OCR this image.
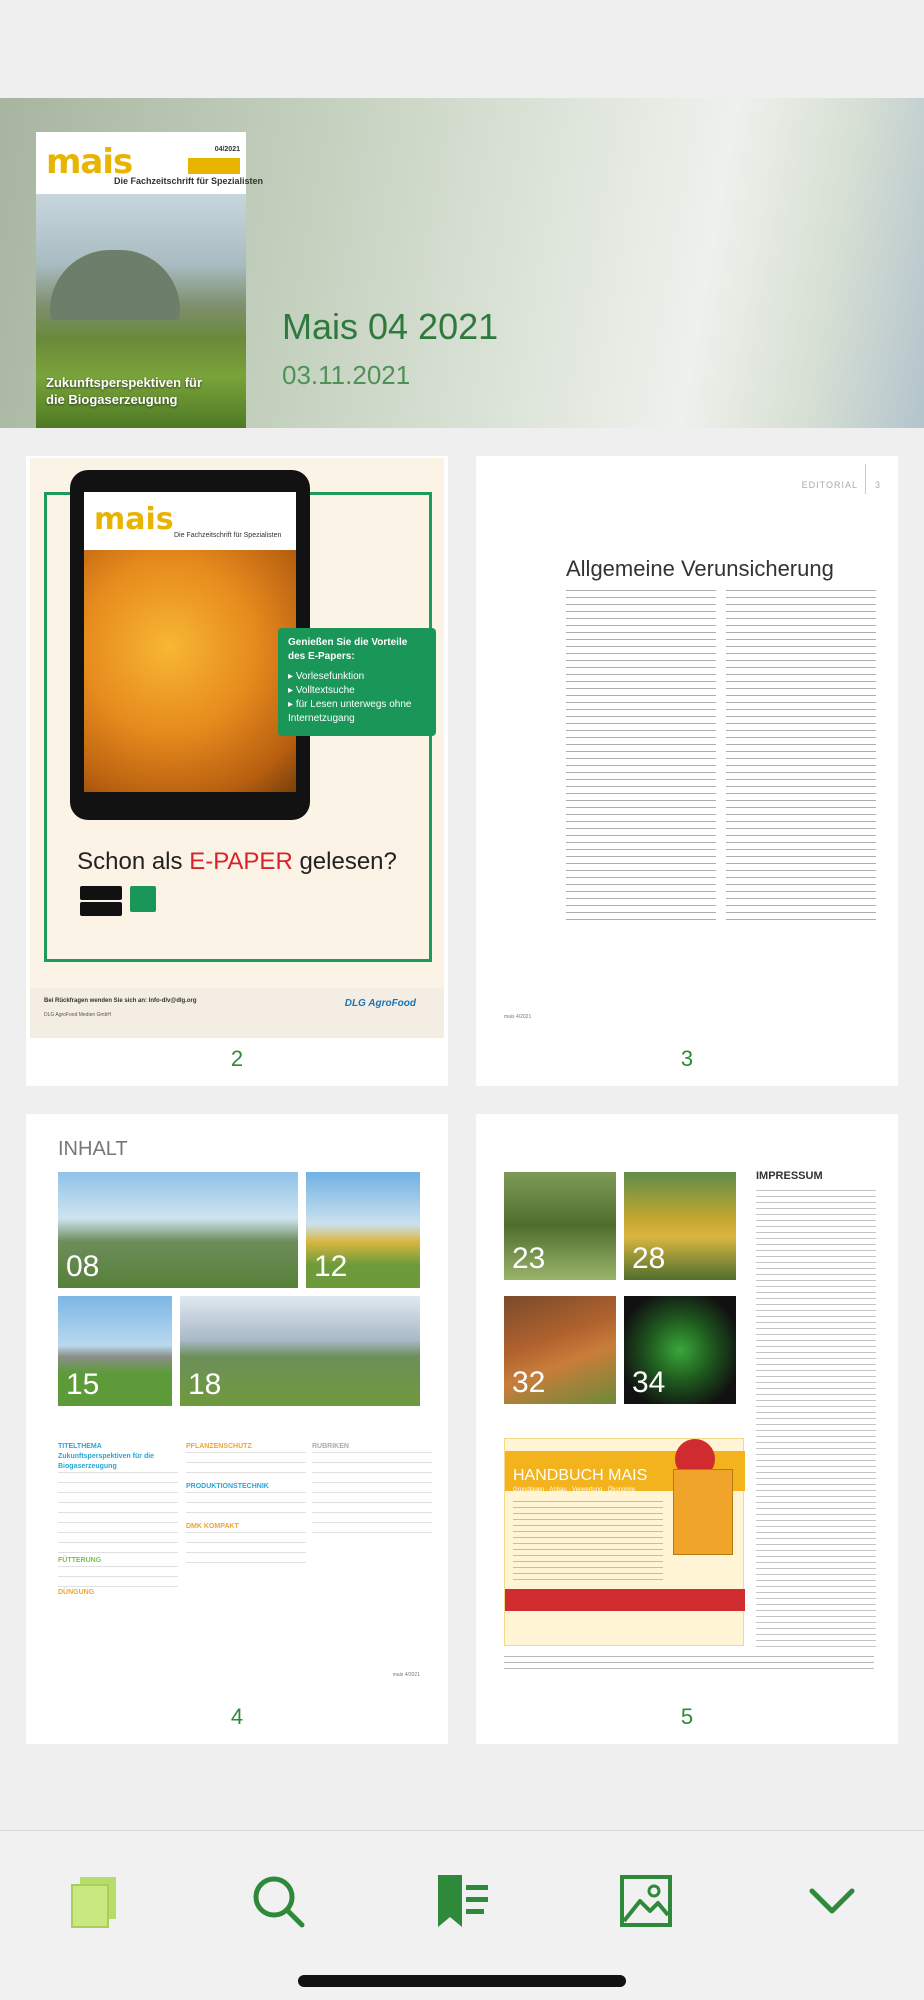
mais	04/2021
Die Fachzeitschrift für Spezialisten
Zukunftsperspektiven für die Biogaserzeugung
Mais 04 2021
03.11.2021
mais Die Fachzeitschrift für Spezialisten
Genießen Sie die Vorteile des E-Papers:
▸ Vorlesefunktion
▸ Volltextsuche
▸ für Lesen unterwegs ohne Internetzugang
Schon als E-PAPER gelesen?
Bei Rückfragen wenden Sie sich an: Info-dlv@dlg.org
DLG AgroFood Medien GmbH
DLG AgroFood
2
EDITORIAL 3
Allgemeine Verunsicherung
mais 4/2021
3
INHALT
08	12
15	18
TITELTHEMA
Zukunftsperspektiven für die Biogaserzeugung
FÜTTERUNG
DÜNGUNG
PFLANZENSCHUTZ
PRODUKTIONSTECHNIK
DMK KOMPAKT
RUBRIKEN
mais 4/2021
4
23	28
32	34
IMPRESSUM
HANDBUCH MAIS
Grundlagen · Anbau · Verwertung · Ökonomie
5
